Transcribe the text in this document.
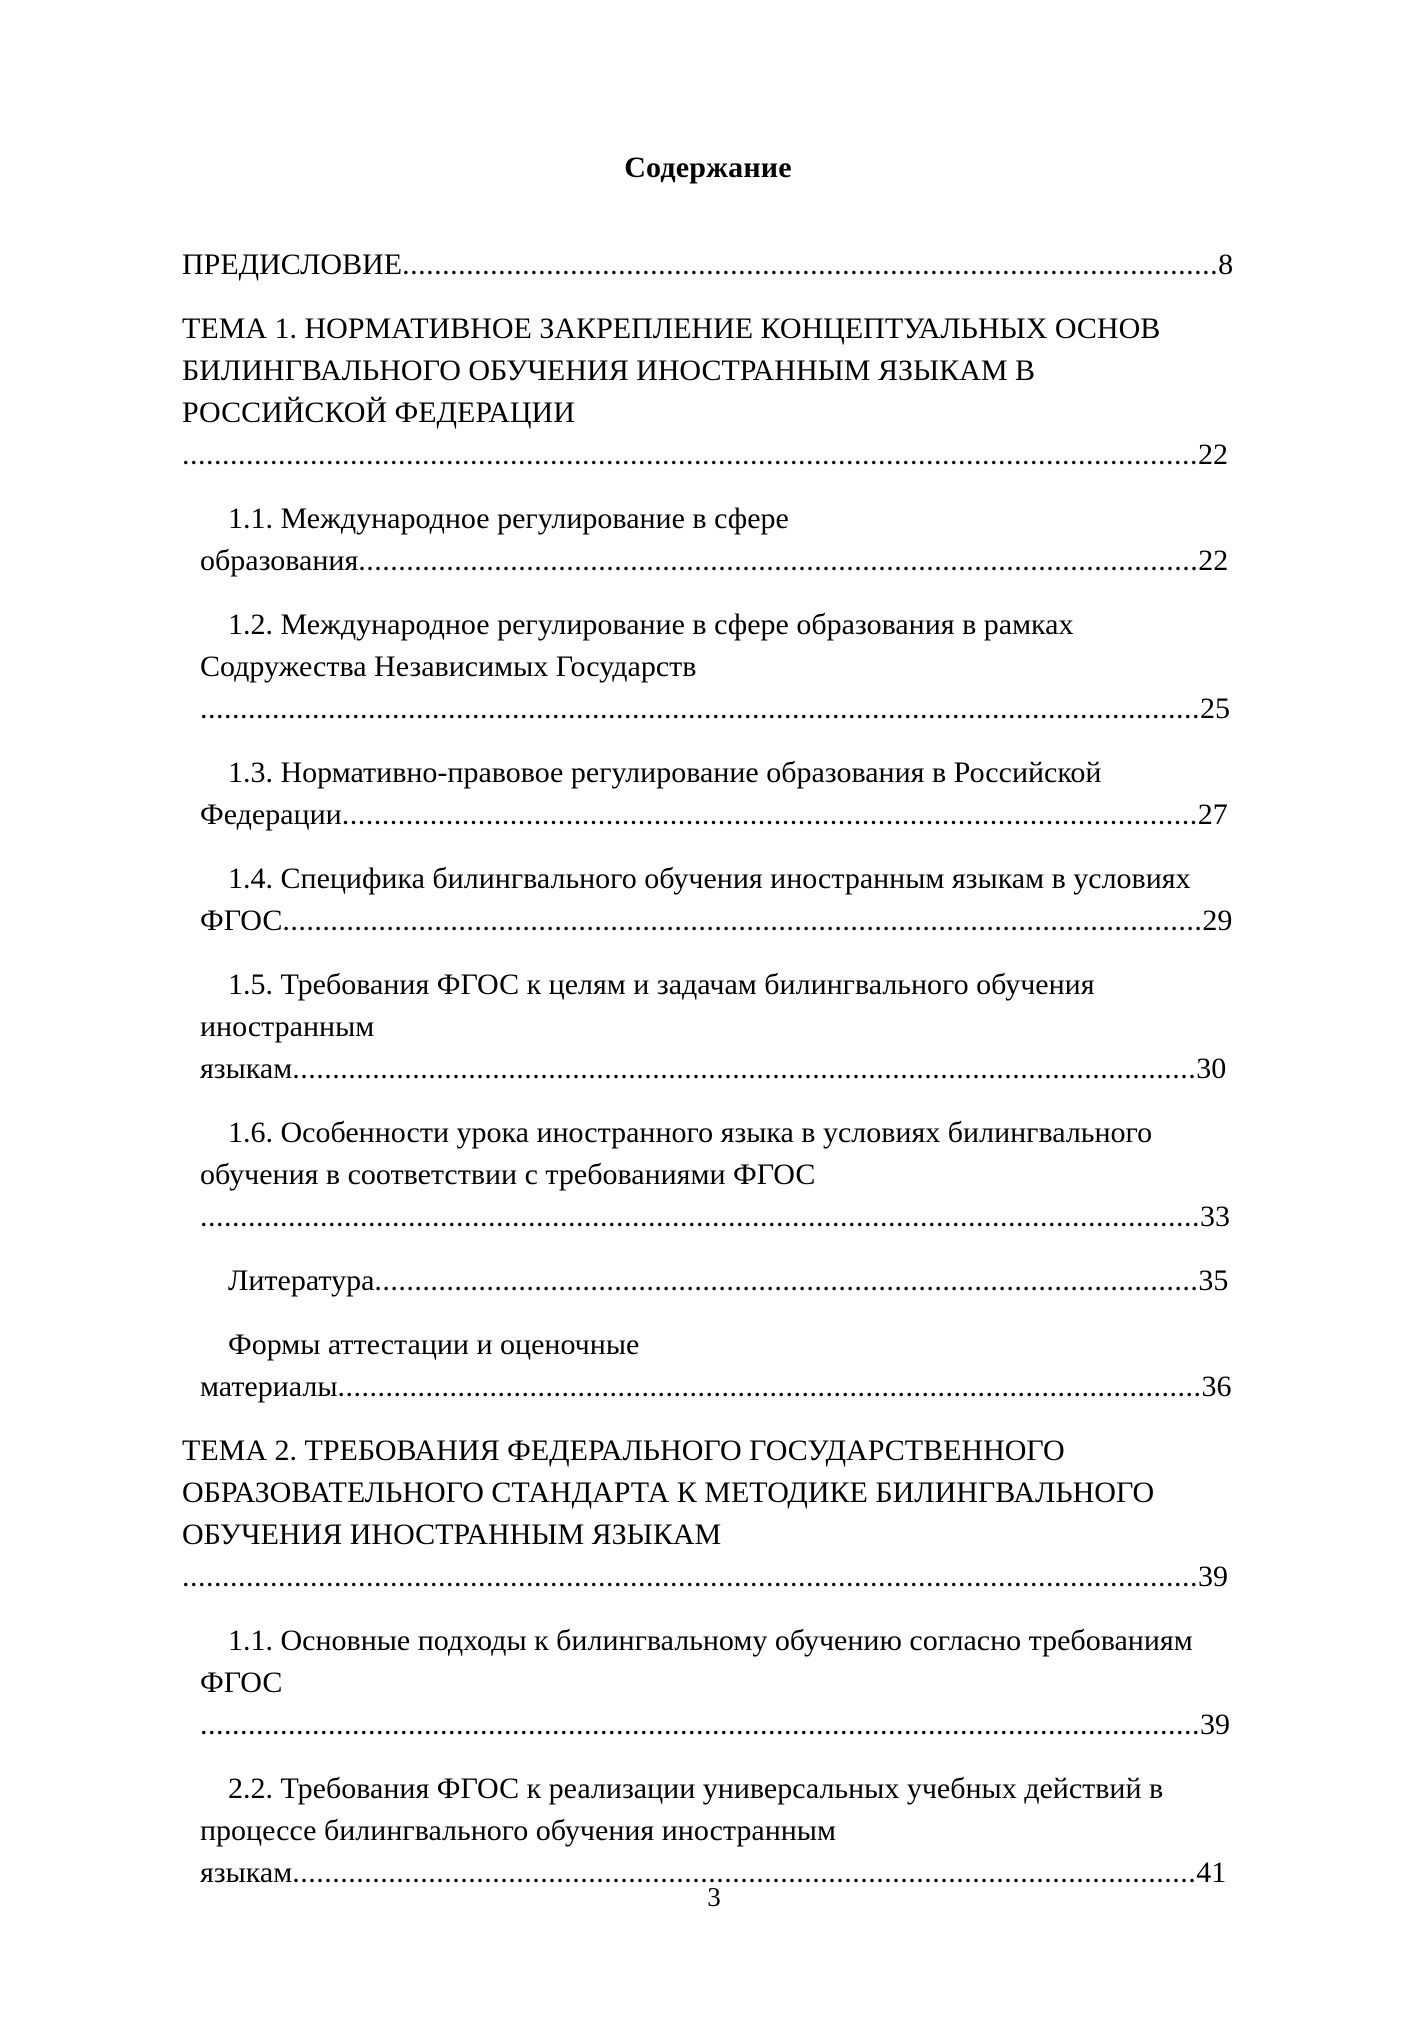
Содержание
ПРЕДИСЛОВИЕ......................................................................................................8
ТЕМА 1. НОРМАТИВНОЕ ЗАКРЕПЛЕНИЕ КОНЦЕПТУАЛЬНЫХ ОСНОВ БИЛИНГВАЛЬНОГО ОБУЧЕНИЯ ИНОСТРАННЫМ ЯЗЫКАМ В РОССИЙСКОЙ ФЕДЕРАЦИИ ...............................................................................................................................22
1.1. Международное регулирование в сфере образования.........................................................................................................22
1.2. Международное регулирование в сфере образования в рамках Содружества Независимых Государств .............................................................................................................................25
1.3. Нормативно-правовое регулирование образования в Российской Федерации...........................................................................................................27
1.4. Специфика билингвального обучения иностранным языкам в условиях ФГОС...................................................................................................................29
1.5. Требования ФГОС к целям и задачам билингвального обучения иностранным языкам.................................................................................................................30
1.6. Особенности урока иностранного языка в условиях билингвального обучения в соответствии с требованиями ФГОС .............................................................................................................................33
Литература.......................................................................................................35
Формы аттестации и оценочные материалы............................................................................................................36
ТЕМА 2. ТРЕБОВАНИЯ ФЕДЕРАЛЬНОГО ГОСУДАРСТВЕННОГО ОБРАЗОВАТЕЛЬНОГО СТАНДАРТА К МЕТОДИКЕ БИЛИНГВАЛЬНОГО ОБУЧЕНИЯ ИНОСТРАННЫМ ЯЗЫКАМ ...............................................................................................................................39
1.1. Основные подходы к билингвальному обучению согласно требованиям ФГОС .............................................................................................................................39
2.2. Требования ФГОС к реализации универсальных учебных действий в процессе билингвального обучения иностранным языкам.................................................................................................................41
3
